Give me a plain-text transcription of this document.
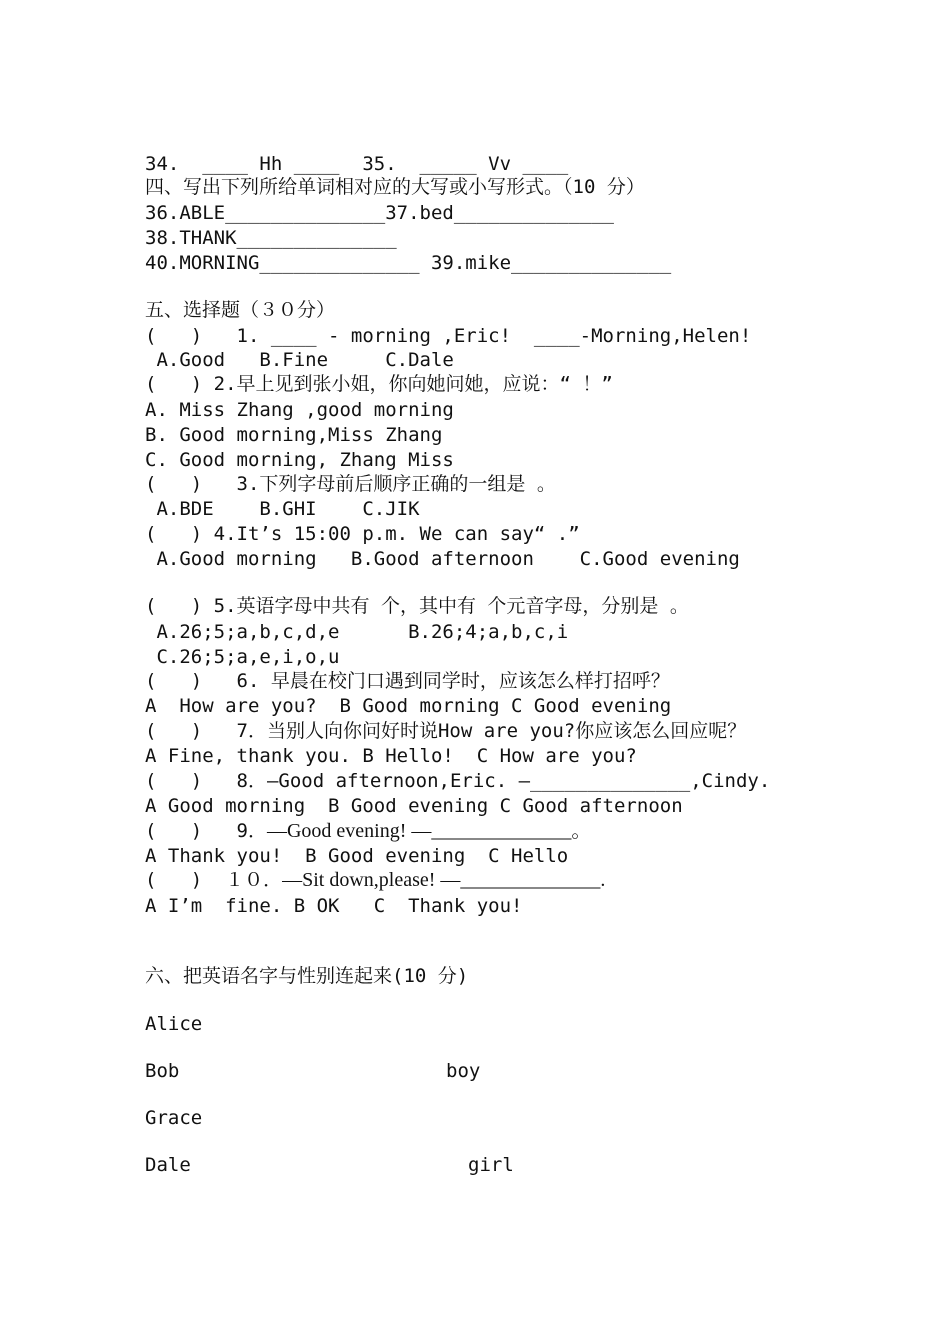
34.  ____ Hh ____  35.  _____ Vv ____
四、写出下列所给单词相对应的大写或小写形式。（10 分）
36.ABLE______________37.bed______________
38.THANK______________
40.MORNING______________ 39.mike______________
五、选择题（３０分）
(   )   1. ____ - morning ,Eric!  ____-Morning,Helen!
A.Good   B.Fine     C.Dale
(   ) 2.早上见到张小姐，你向她问她，应说：“ ！”
A. Miss Zhang ,good morning
B. Good morning,Miss Zhang
C. Good morning, Zhang Miss
(   )   3.下列字母前后顺序正确的一组是 。
A.BDE    B.GHI    C.JIK
(   ) 4.It’s 15:00 p.m. We can say“ .”
A.Good morning   B.Good afternoon    C.Good evening
(   ) 5.英语字母中共有 个，其中有 个元音字母，分别是 。
A.26;5;a,b,c,d,e      B.26;4;a,b,c,i
C.26;5;a,e,i,o,u
(   )   6. 早晨在校门口遇到同学时，应该怎么样打招呼？
A  How are you?  B Good morning C Good evening
(   )   7．当别人向你问好时说How are you?你应该怎么回应呢？
A Fine, thank you. B Hello!  C How are you?
(   )   8．—Good afternoon,Eric. —______________,Cindy.
A Good morning  B Good evening C Good afternoon
(   )   9．—Good evening! —______________。
A Thank you!  B Good evening  C Hello
(   )  １０．—Sit down,please! —______________.
A I’m  fine. B OK   C  Thank you!
六、把英语名字与性别连起来(10 分)
Alice
Bob	boy
Grace
Dale	girl
